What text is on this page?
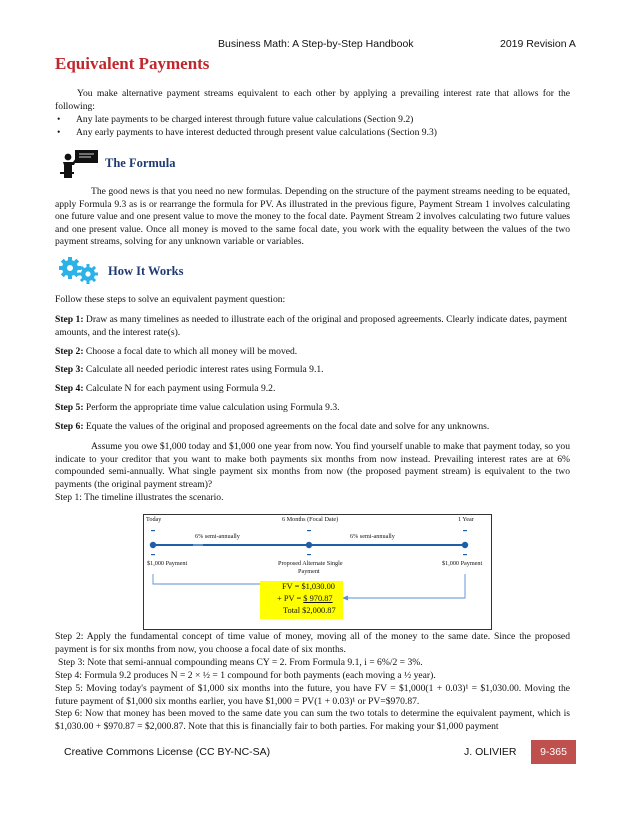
Business Math: A Step-by-Step Handbook	2019 Revision A
Equivalent Payments
You make alternative payment streams equivalent to each other by applying a prevailing interest rate that allows for the following:
• Any late payments to be charged interest through future value calculations (Section 9.2)
• Any early payments to have interest deducted through present value calculations (Section 9.3)
The Formula
The good news is that you need no new formulas. Depending on the structure of the payment streams needing to be equated, apply Formula 9.3 as is or rearrange the formula for PV. As illustrated in the previous figure, Payment Stream 1 involves calculating one future value and one present value to move the money to the focal date. Payment Stream 2 involves calculating two future values and one present value. Once all money is moved to the same focal date, you work with the equality between the values of the two payment streams, solving for any unknown variable or variables.
How It Works
Follow these steps to solve an equivalent payment question:
Step 1: Draw as many timelines as needed to illustrate each of the original and proposed agreements. Clearly indicate dates, payment amounts, and the interest rate(s).
Step 2: Choose a focal date to which all money will be moved.
Step 3: Calculate all needed periodic interest rates using Formula 9.1.
Step 4: Calculate N for each payment using Formula 9.2.
Step 5: Perform the appropriate time value calculation using Formula 9.3.
Step 6: Equate the values of the original and proposed agreements on the focal date and solve for any unknowns.
Assume you owe $1,000 today and $1,000 one year from now. You find yourself unable to make that payment today, so you indicate to your creditor that you want to make both payments six months from now instead. Prevailing interest rates are at 6% compounded semi-annually. What single payment six months from now (the proposed payment stream) is equivalent to the two payments (the original payment stream)?
Step 1: The timeline illustrates the scenario.
Today	6 Months (Focal Date)	1 Year
6% semi-annually	6% semi-annually
$1,000 Payment	Proposed Alternate Single
Payment
$1,000 Payment
FV = $1,030.00
+ PV = $ 970.87
Total $2,000.87
Step 2: Apply the fundamental concept of time value of money, moving all of the money to the same date. Since the proposed payment is for six months from now, you choose a focal date of six months.
Step 3: Note that semi-annual compounding means CY = 2. From Formula 9.1, i = 6%/2 = 3%.
Step 4: Formula 9.2 produces N = 2 × ½ = 1 compound for both payments (each moving a ½ year).
Step 5: Moving today's payment of $1,000 six months into the future, you have FV = $1,000(1 + 0.03)¹ = $1,030.00. Moving the future payment of $1,000 six months earlier, you have $1,000 = PV(1 + 0.03)¹ or PV=$970.87.
Step 6: Now that money has been moved to the same date you can sum the two totals to determine the equivalent payment, which is $1,030.00 + $970.87 = $2,000.87. Note that this is financially fair to both parties. For making your $1,000 payment
Creative Commons License (CC BY-NC-SA)	J. OLIVIER	9-365
